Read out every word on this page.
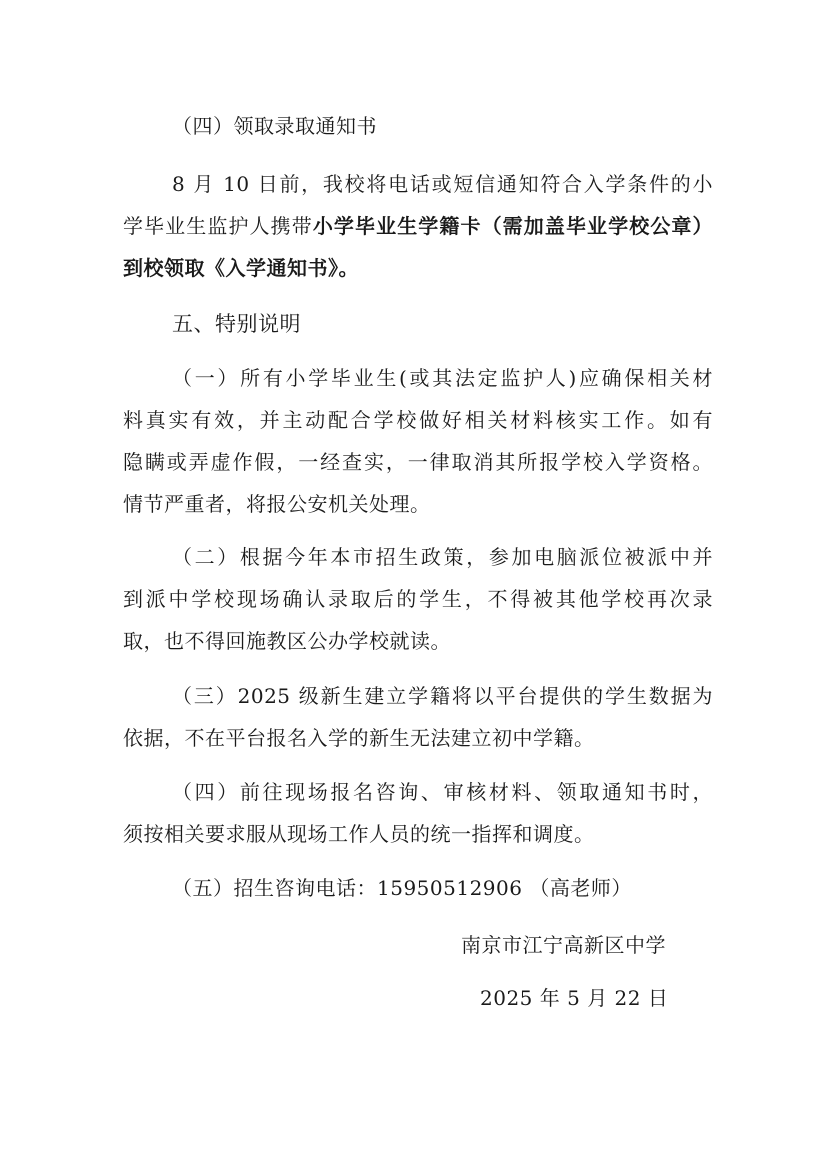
（四）领取录取通知书
8 月 10 日前，我校将电话或短信通知符合入学条件的小
学毕业生监护人携带小学毕业生学籍卡（需加盖毕业学校公章）
到校领取《入学通知书》。
五、特别说明
（一）所有小学毕业生(或其法定监护人)应确保相关材
料真实有效，并主动配合学校做好相关材料核实工作。如有
隐瞒或弄虚作假，一经查实，一律取消其所报学校入学资格。
情节严重者，将报公安机关处理。
（二）根据今年本市招生政策，参加电脑派位被派中并
到派中学校现场确认录取后的学生，不得被其他学校再次录
取，也不得回施教区公办学校就读。
（三）2025 级新生建立学籍将以平台提供的学生数据为
依据，不在平台报名入学的新生无法建立初中学籍。
（四）前往现场报名咨询、审核材料、领取通知书时，
须按相关要求服从现场工作人员的统一指挥和调度。
（五）招生咨询电话：15950512906 （高老师）
南京市江宁高新区中学
2025 年 5 月 22 日
